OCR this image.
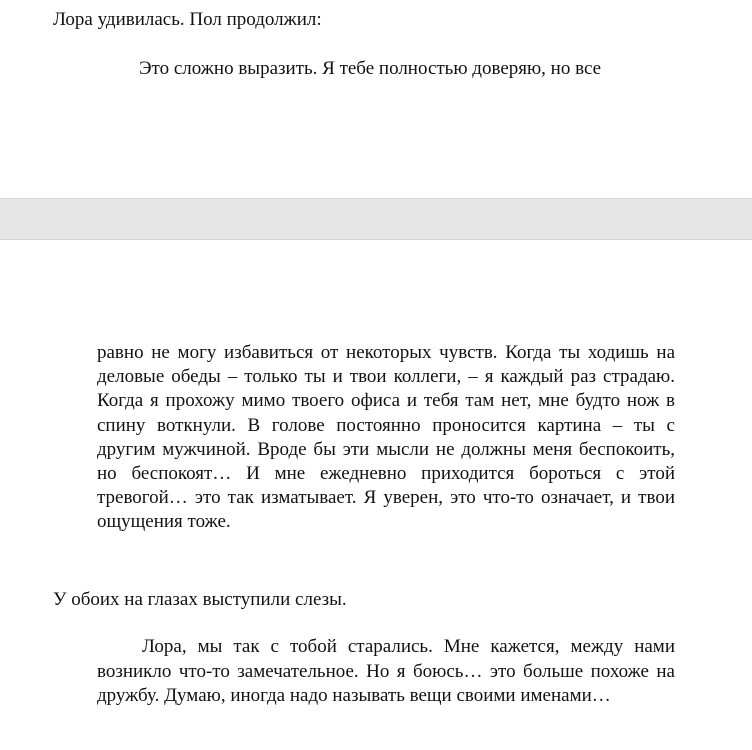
Лора удивилась. Пол продолжил:
Это сложно выразить. Я тебе полностью доверяю, но все

равно не могу избавиться от некоторых чувств. Когда ты ходишь на деловые обеды – только ты и твои коллеги, – я каждый раз страдаю. Когда я прохожу мимо твоего офиса и тебя там нет, мне будто нож в спину воткнули. В голове постоянно проносится картина – ты с другим мужчиной. Вроде бы эти мысли не должны меня беспокоить, но беспокоят… И мне ежедневно приходится бороться с этой тревогой… это так изматывает. Я уверен, это что-то означает, и твои ощущения тоже.

У обоих на глазах выступили слезы.

Лора, мы так с тобой старались. Мне кажется, между нами возникло что-то замечательное. Но я боюсь… это больше похоже на дружбу. Думаю, иногда надо называть вещи своими именами…
